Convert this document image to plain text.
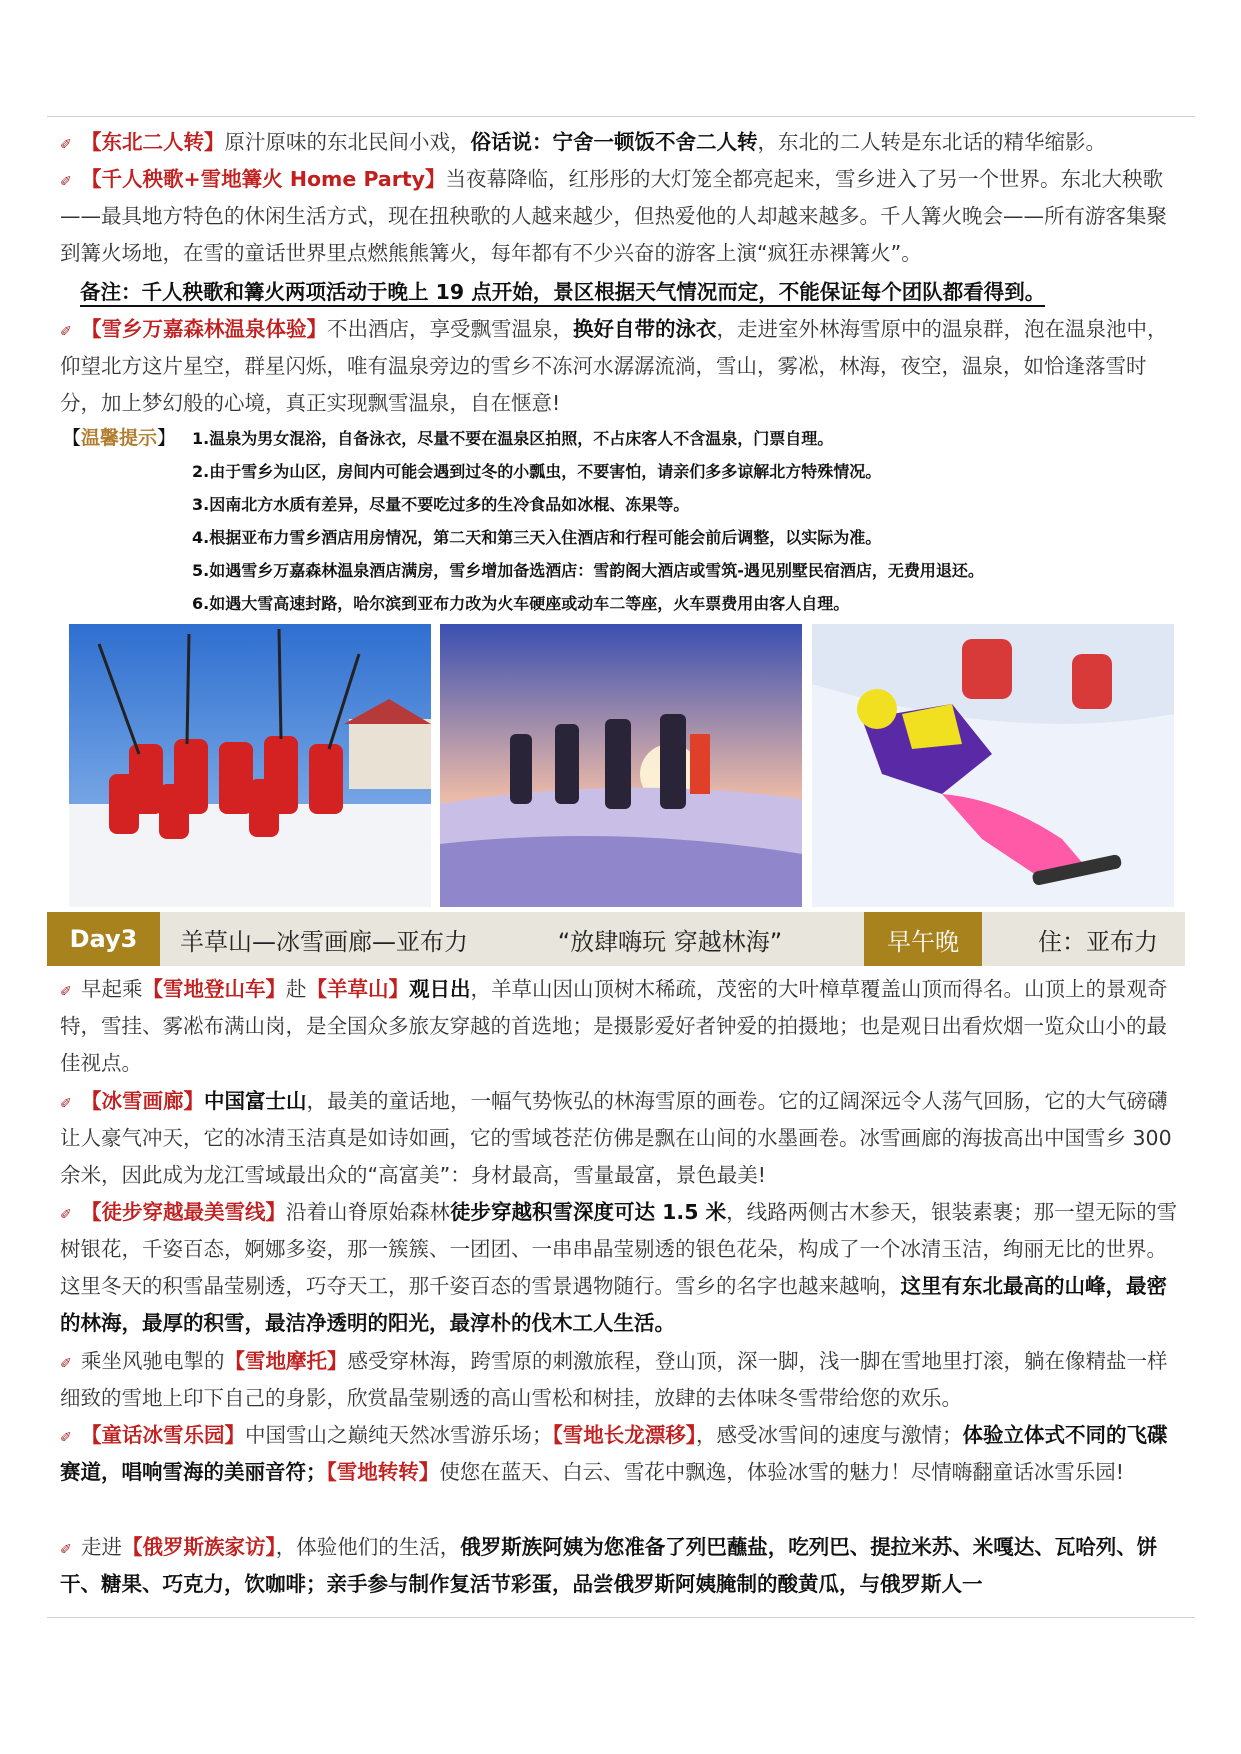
✐ 【东北二人转】原汁原味的东北民间小戏，俗话说：宁舍一顿饭不舍二人转，东北的二人转是东北话的精华缩影。
✐ 【千人秧歌+雪地篝火 Home Party】当夜幕降临，红彤彤的大灯笼全都亮起来，雪乡进入了另一个世界。东北大秧歌——最具地方特色的休闲生活方式，现在扭秧歌的人越来越少，但热爱他的人却越来越多。千人篝火晚会——所有游客集聚到篝火场地，在雪的童话世界里点燃熊熊篝火，每年都有不少兴奋的游客上演“疯狂赤裸篝火”。
备注：千人秧歌和篝火两项活动于晚上 19 点开始，景区根据天气情况而定，不能保证每个团队都看得到。
✐ 【雪乡万嘉森林温泉体验】不出酒店，享受飘雪温泉，换好自带的泳衣，走进室外林海雪原中的温泉群，泡在温泉池中，仰望北方这片星空，群星闪烁，唯有温泉旁边的雪乡不冻河水潺潺流淌，雪山，雾凇，林海，夜空，温泉，如恰逢落雪时分，加上梦幻般的心境，真正实现飘雪温泉，自在惬意!
【温馨提示】 1.温泉为男女混浴，自备泳衣，尽量不要在温泉区拍照，不占床客人不含温泉，门票自理。
2.由于雪乡为山区，房间内可能会遇到过冬的小瓢虫，不要害怕，请亲们多多谅解北方特殊情况。
3.因南北方水质有差异，尽量不要吃过多的生冷食品如冰棍、冻果等。
4.根据亚布力雪乡酒店用房情况，第二天和第三天入住酒店和行程可能会前后调整，以实际为准。
5.如遇雪乡万嘉森林温泉酒店满房，雪乡增加备选酒店：雪韵阁大酒店或雪筑-遇见别墅民宿酒店，无费用退还。
6.如遇大雪高速封路，哈尔滨到亚布力改为火车硬座或动车二等座，火车票费用由客人自理。
Day3	羊草山—冰雪画廊—亚布力	“放肆嗨玩 穿越林海”	早午晚	住：亚布力
✐ 早起乘【雪地登山车】赴【羊草山】观日出，羊草山因山顶树木稀疏，茂密的大叶樟草覆盖山顶而得名。山顶上的景观奇特，雪挂、雾凇布满山岗，是全国众多旅友穿越的首选地；是摄影爱好者钟爱的拍摄地；也是观日出看炊烟一览众山小的最佳视点。
✐ 【冰雪画廊】中国富士山，最美的童话地，一幅气势恢弘的林海雪原的画卷。它的辽阔深远令人荡气回肠，它的大气磅礴让人豪气冲天，它的冰清玉洁真是如诗如画，它的雪域苍茫仿佛是飘在山间的水墨画卷。冰雪画廊的海拔高出中国雪乡 300 余米，因此成为龙江雪域最出众的“高富美”：身材最高，雪量最富，景色最美!
✐ 【徒步穿越最美雪线】沿着山脊原始森林徒步穿越积雪深度可达 1.5 米，线路两侧古木参天，银装素裹；那一望无际的雪树银花，千姿百态，婀娜多姿，那一簇簇、一团团、一串串晶莹剔透的银色花朵，构成了一个冰清玉洁，绚丽无比的世界。这里冬天的积雪晶莹剔透，巧夺天工，那千姿百态的雪景遇物随行。雪乡的名字也越来越响，这里有东北最高的山峰，最密的林海，最厚的积雪，最洁净透明的阳光，最淳朴的伐木工人生活。
✐ 乘坐风驰电掣的【雪地摩托】感受穿林海，跨雪原的刺激旅程，登山顶，深一脚，浅一脚在雪地里打滚，躺在像精盐一样细致的雪地上印下自己的身影，欣赏晶莹剔透的高山雪松和树挂，放肆的去体味冬雪带给您的欢乐。
✐ 【童话冰雪乐园】中国雪山之巅纯天然冰雪游乐场；【雪地长龙漂移】，感受冰雪间的速度与激情；体验立体式不同的飞碟赛道，唱响雪海的美丽音符；【雪地转转】使您在蓝天、白云、雪花中飘逸，体验冰雪的魅力！尽情嗨翻童话冰雪乐园!
✐ 走进【俄罗斯族家访】，体验他们的生活，俄罗斯族阿姨为您准备了列巴蘸盐，吃列巴、提拉米苏、米嘎达、瓦哈列、饼干、糖果、巧克力，饮咖啡；亲手参与制作复活节彩蛋，品尝俄罗斯阿姨腌制的酸黄瓜，与俄罗斯人一
